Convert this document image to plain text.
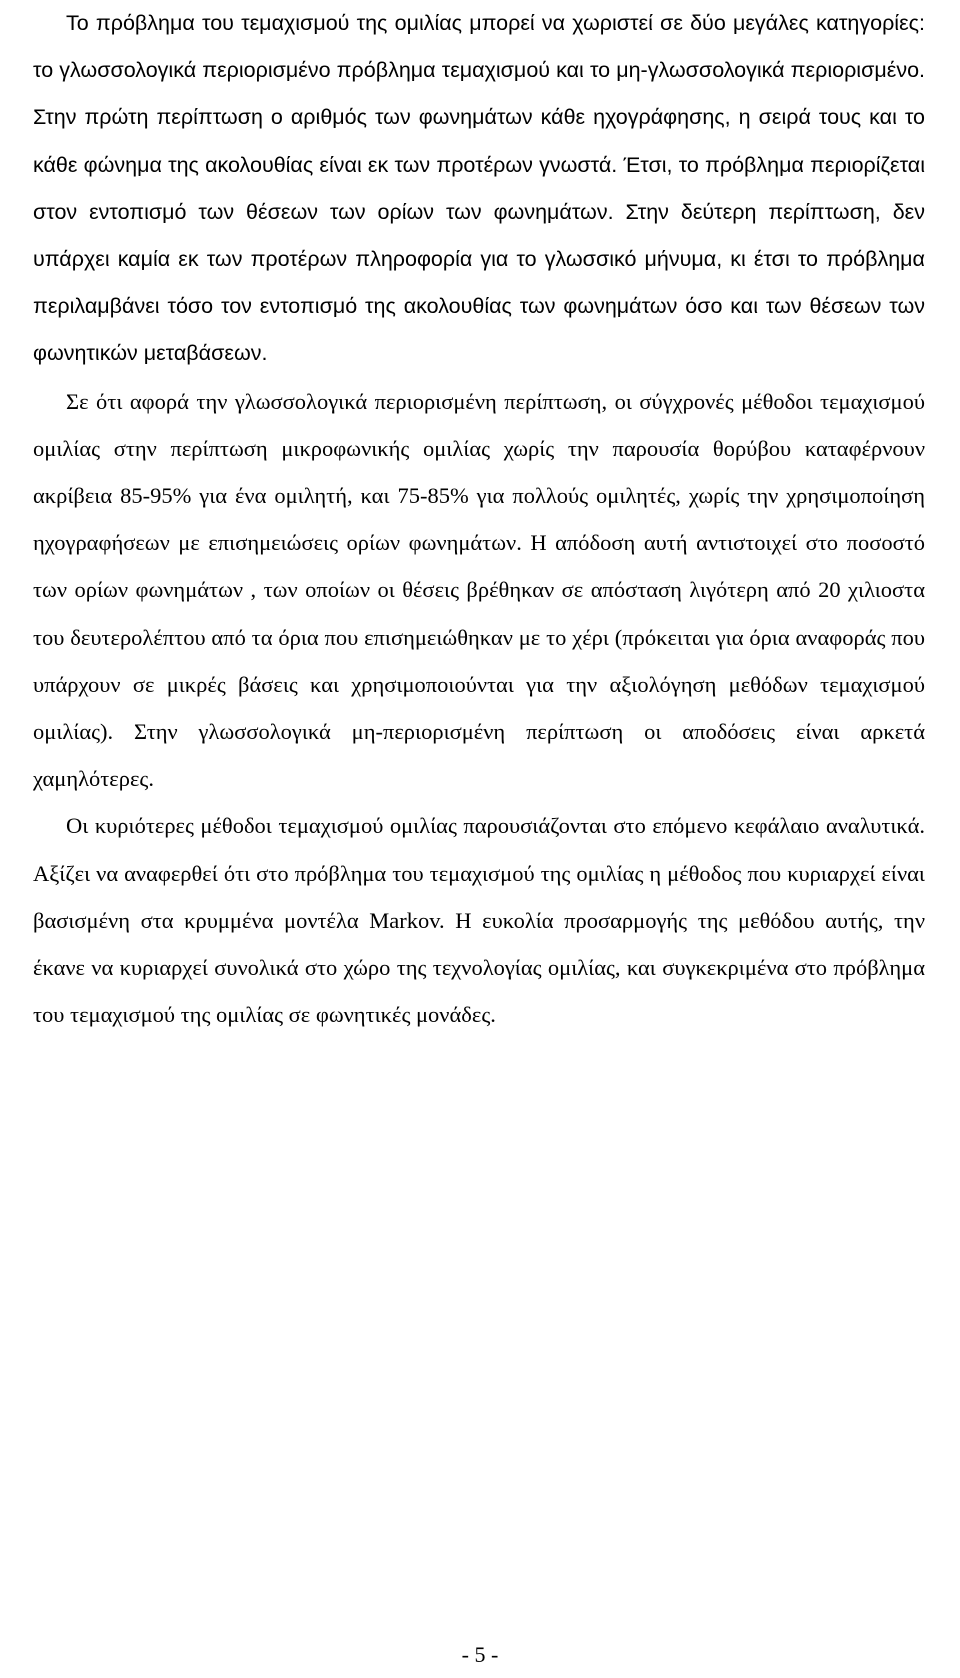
Το πρόβλημα του τεμαχισμού της ομιλίας μπορεί να χωριστεί σε δύο μεγάλες κατηγορίες: το γλωσσολογικά περιορισμένο πρόβλημα τεμαχισμού και το μη-γλωσσολογικά περιορισμένο. Στην πρώτη περίπτωση ο αριθμός των φωνημάτων κάθε ηχογράφησης, η σειρά τους και το κάθε φώνημα της ακολουθίας είναι εκ των προτέρων γνωστά. Έτσι, το πρόβλημα περιορίζεται στον εντοπισμό των θέσεων των ορίων των φωνημάτων. Στην δεύτερη περίπτωση, δεν υπάρχει καμία εκ των προτέρων πληροφορία για το γλωσσικό μήνυμα, κι έτσι το πρόβλημα περιλαμβάνει τόσο τον εντοπισμό της ακολουθίας των φωνημάτων όσο και των θέσεων των φωνητικών μεταβάσεων.

Σε ότι αφορά την γλωσσολογικά περιορισμένη περίπτωση, οι σύγχρονές μέθοδοι τεμαχισμού ομιλίας στην περίπτωση μικροφωνικής ομιλίας χωρίς την παρουσία θορύβου καταφέρνουν ακρίβεια 85-95% για ένα ομιλητή, και 75-85% για πολλούς ομιλητές, χωρίς την χρησιμοποίηση ηχογραφήσεων με επισημειώσεις ορίων φωνημάτων. Η απόδοση αυτή αντιστοιχεί στο ποσοστό των ορίων φωνημάτων , των οποίων οι θέσεις βρέθηκαν σε απόσταση λιγότερη από 20 χιλιοστα του δευτερολέπτου από τα όρια που επισημειώθηκαν με το χέρι (πρόκειται για όρια αναφοράς που υπάρχουν σε μικρές βάσεις και χρησιμοποιούνται για την αξιολόγηση μεθόδων τεμαχισμού ομιλίας). Στην γλωσσολογικά μη-περιορισμένη περίπτωση οι αποδόσεις είναι αρκετά χαμηλότερες.

Οι κυριότερες μέθοδοι τεμαχισμού ομιλίας παρουσιάζονται στο επόμενο κεφάλαιο αναλυτικά. Αξίζει να αναφερθεί ότι στο πρόβλημα του τεμαχισμού της ομιλίας η μέθοδος που κυριαρχεί είναι βασισμένη στα κρυμμένα μοντέλα Markov. Η ευκολία προσαρμογής της μεθόδου αυτής, την έκανε να κυριαρχεί συνολικά στο χώρο της τεχνολογίας ομιλίας, και συγκεκριμένα στο πρόβλημα του τεμαχισμού της ομιλίας σε φωνητικές μονάδες.

- 5 -
